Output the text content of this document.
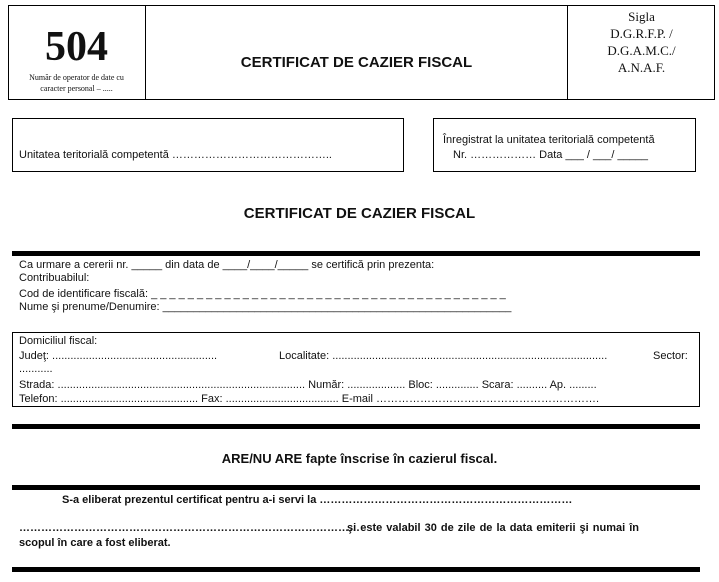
504
Număr de operator de date cu
caracter personal – .....
CERTIFICAT DE CAZIER FISCAL
Sigla
D.G.R.F.P. /
D.G.A.M.C./
A.N.A.F.
Unitatea teritorială competentă ……………………………………..
Înregistrat la unitatea teritorială competentă
Nr. ……………… Data ___ / ___/ _____
CERTIFICAT DE CAZIER FISCAL
Ca urmare a cererii nr. _____ din data de ____/____/_____ se certifică prin prezenta:
Contribuabilul:
Cod de identificare fiscală: _ _ _ _ _ _ _ _ _ _ _ _ _ _ _ _ _ _ _ _ _ _ _ _ _ _ _ _ _ _ _ _ _ _ _ _ _ _ _
Nume şi prenume/Denumire: _________________________________________________________
Domiciliul fiscal:
Judeţ: ......................................................	Localitate: ..........................................................................................	Sector:
...........
Strada: ................................................................................. Număr: ................... Bloc: .............. Scara: .......... Ap. .........
Telefon: ............................................. Fax: ..................................... E-mail …………………………………………………….
ARE/NU ARE fapte înscrise în cazierul fiscal.
S-a eliberat prezentul certificat pentru a-i servi la ……………………………………………………………
…………………………………………………………………………………
şi este valabil 30 de zile de la data emiterii şi numai în
scopul în care a fost eliberat.
